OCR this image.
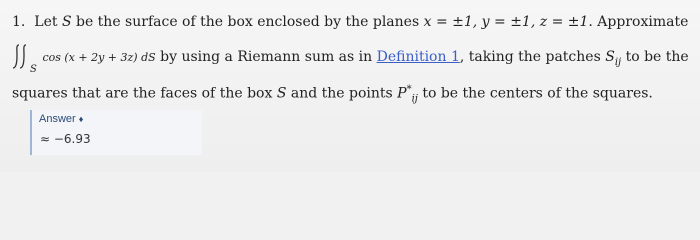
1. Let S be the surface of the box enclosed by the planes x = ±1, y = ±1, z = ±1. Approximate
S
cos (x + 2y + 3z) dS by using a Riemann sum as in Definition 1, taking the patches $S_{ij}$ to be the
squares that are the faces of the box S and the points $P^*_{ij}$ to be the centers of the squares.
Answer ♦
≈ −6.93
